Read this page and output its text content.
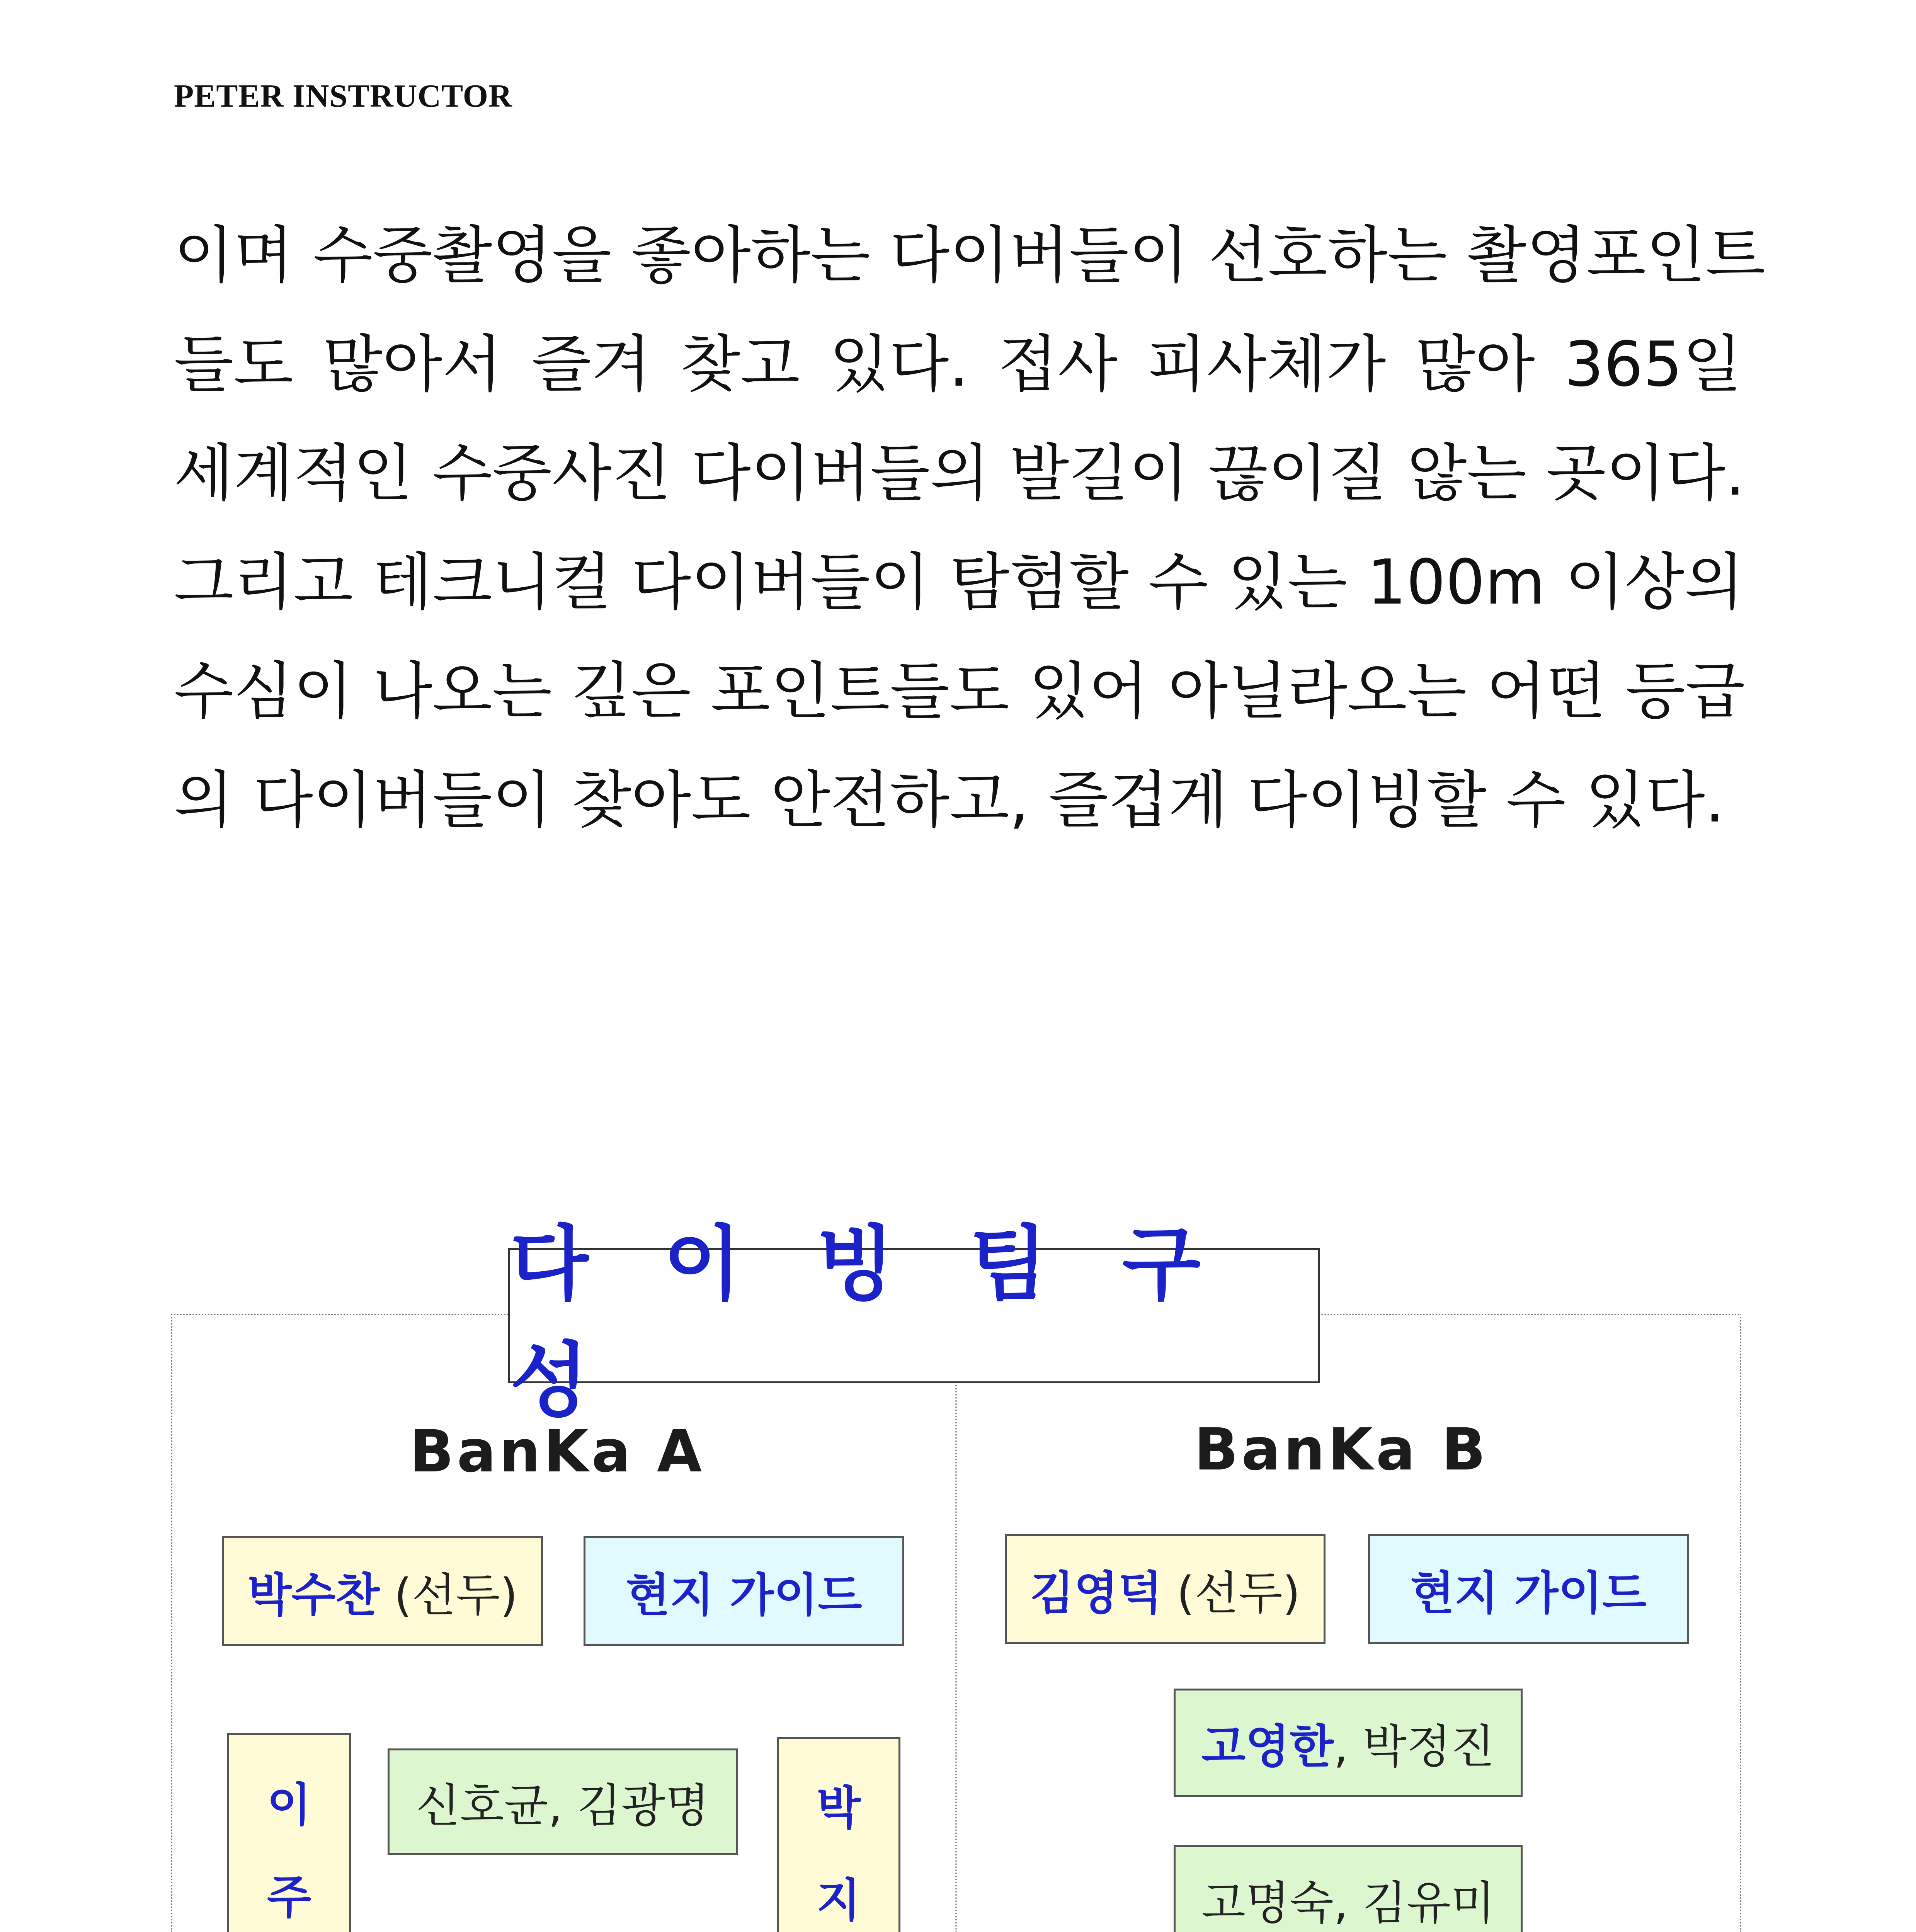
PETER INSTRUCTOR
이며 수중촬영을 좋아하는 다이버들이 선호하는 촬영포인트
들도 많아서 즐겨 찾고 있다. 접사 피사체가 많아 365일
세계적인 수중사진 다이버들의 발길이 끊이질 않는 곳이다.
그리고 테크니컬 다이버들이 탐험할 수 있는 100m 이상의
수심이 나오는 깊은 포인트들도 있어 아닐라오는 어떤 등급
의 다이버들이 찾아도 안전하고, 즐겁게 다이빙할 수 있다.
다 이 빙 팀 구 성
BanKa A
박수찬
(선두) 현지 가이드
이
주
신호균, 김광명 박
지

BanKa B
김영덕
(선두) 현지 가이드
고영한 , 박정진
고명숙, 김유미
